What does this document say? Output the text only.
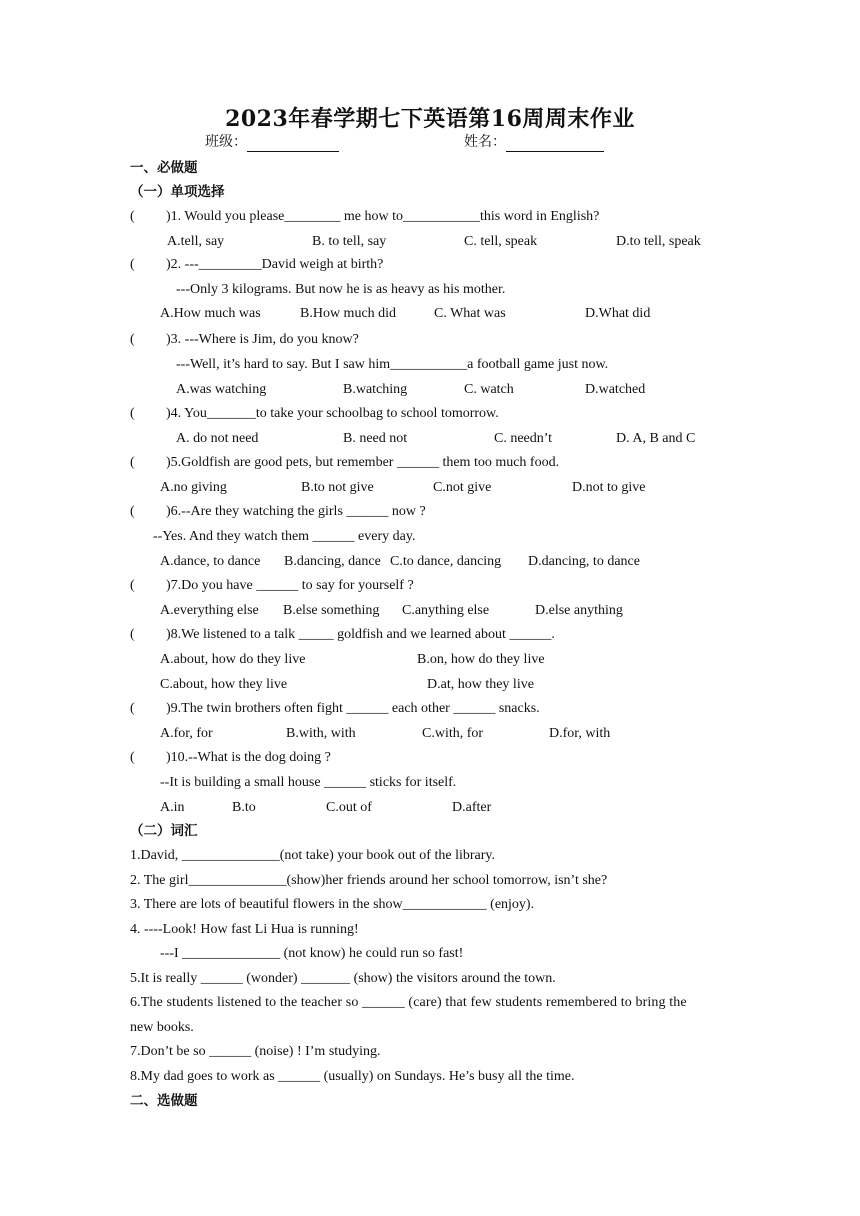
2023年春学期七下英语第16周周末作业
班级：	姓名：
一、必做题
（一）单项选择
( )1. Would you please________ me how to___________this word in English?
A.tell, say	B. to tell, say	C. tell, speak	D.to tell, speak
( )2. ---_________David weigh at birth?
---Only 3 kilograms. But now he is as heavy as his mother.
A.How much was	B.How much did	C. What was	D.What did
( )3. ---Where is Jim, do you know?
---Well, it’s hard to say. But I saw him___________a football game just now.
A.was watching	B.watching	C. watch	D.watched
( )4. You_______to take your schoolbag to school tomorrow.
A. do not need	B. need not	C. needn’t	D. A, B and C
( )5.Goldfish are good pets, but remember ______ them too much food.
A.no giving	B.to not give	C.not give	D.not to give
( )6.--Are they watching the girls ______ now ?
--Yes. And they watch them ______ every day.
A.dance, to dance B.dancing, dance C.to dance, dancing D.dancing, to dance
( )7.Do you have ______ to say for yourself ?
A.everything else B.else something C.anything else	D.else anything
( )8.We listened to a talk _____ goldfish and we learned about ______.
A.about, how do they live	B.on, how do they live
C.about, how they live	D.at, how they live
( )9.The twin brothers often fight ______ each other ______ snacks.
A.for, for	B.with, with	C.with, for	D.for, with
( )10.--What is the dog doing ?
--It is building a small house ______ sticks for itself.
A.in	B.to	C.out of	D.after
（二）词汇
1.David, ______________(not take) your book out of the library.
2. The girl______________(show)her friends around her school tomorrow, isn’t she?
3. There are lots of beautiful flowers in the show____________ (enjoy).
4. ----Look! How fast Li Hua is running!
---I ______________ (not know) he could run so fast!
5.It is really ______ (wonder) _______ (show) the visitors around the town.
6.The students listened to the teacher so ______ (care) that few students remembered to bring the
new books.
7.Don’t be so ______ (noise) ! I’m studying.
8.My dad goes to work as ______ (usually) on Sundays. He’s busy all the time.
二、选做题
